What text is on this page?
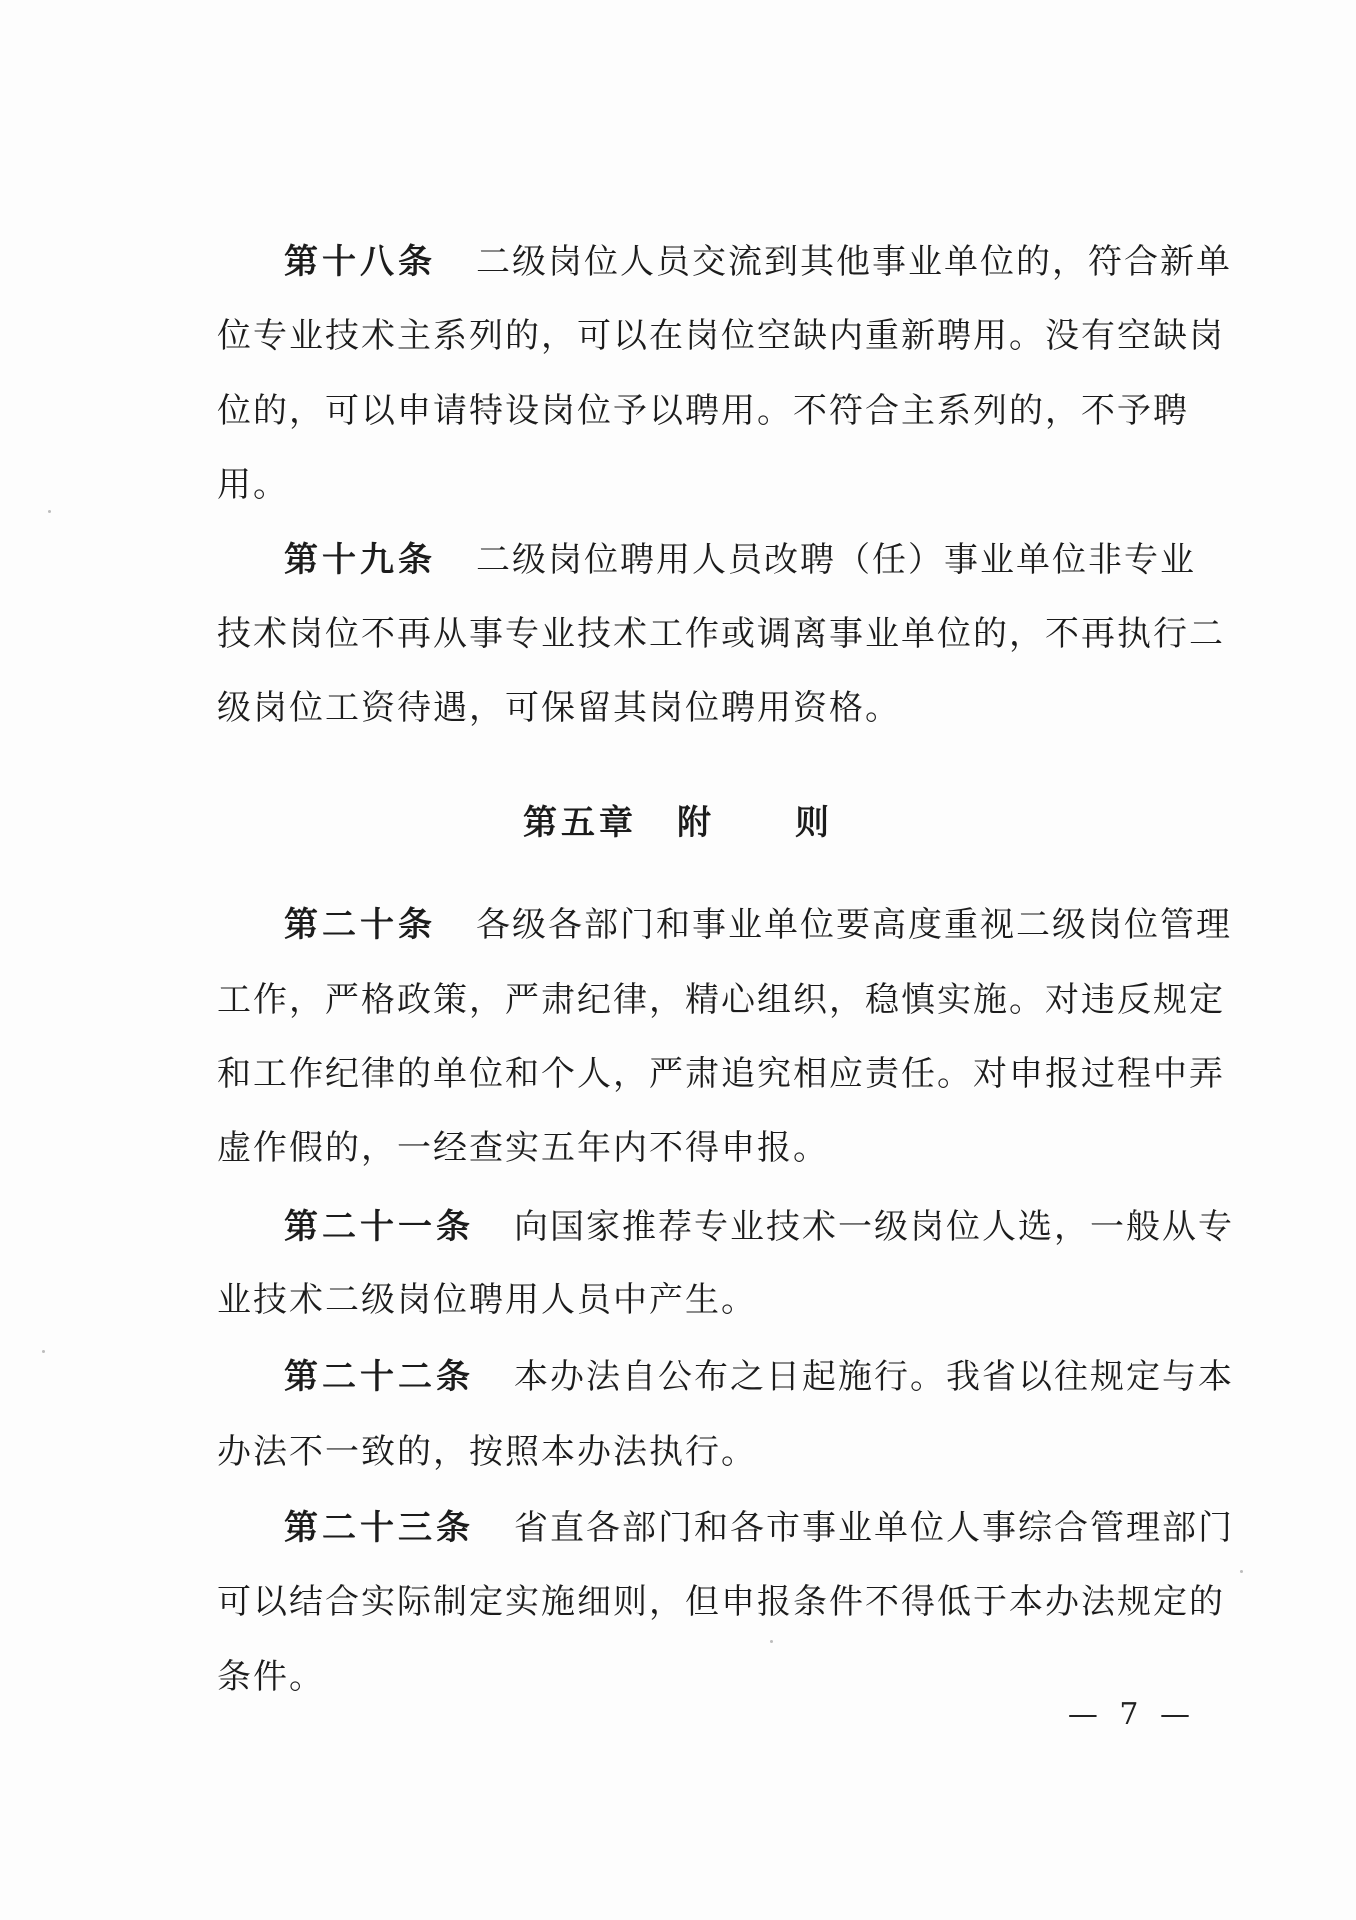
第十八条 二级岗位人员交流到其他事业单位的，符合新单
位专业技术主系列的，可以在岗位空缺内重新聘用。没有空缺岗
位的，可以申请特设岗位予以聘用。不符合主系列的，不予聘
用。
第十九条 二级岗位聘用人员改聘（任）事业单位非专业
技术岗位不再从事专业技术工作或调离事业单位的，不再执行二
级岗位工资待遇，可保留其岗位聘用资格。
第五章 附 则
第二十条 各级各部门和事业单位要高度重视二级岗位管理
工作，严格政策，严肃纪律，精心组织，稳慎实施。对违反规定
和工作纪律的单位和个人，严肃追究相应责任。对申报过程中弄
虚作假的，一经查实五年内不得申报。
第二十一条 向国家推荐专业技术一级岗位人选，一般从专
业技术二级岗位聘用人员中产生。
第二十二条 本办法自公布之日起施行。我省以往规定与本
办法不一致的，按照本办法执行。
第二十三条 省直各部门和各市事业单位人事综合管理部门
可以结合实际制定实施细则，但申报条件不得低于本办法规定的
条件。
— 7 —
